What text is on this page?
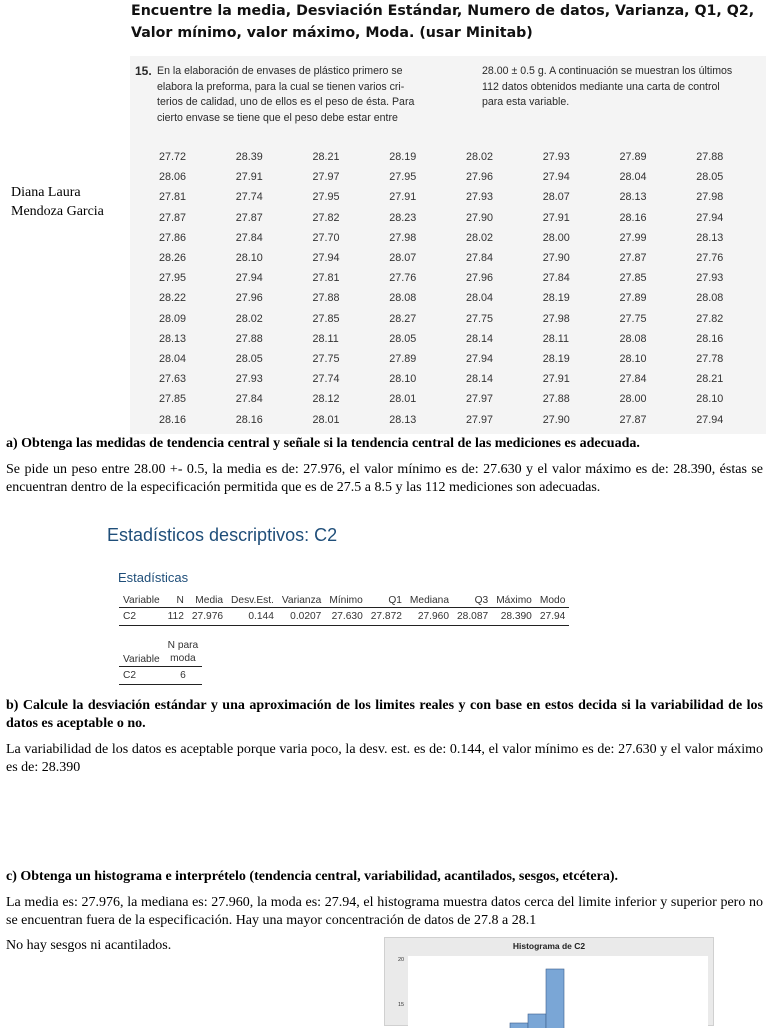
Encuentre la media, Desviación Estándar, Numero de datos, Varianza, Q1, Q2, Valor mínimo, valor máximo, Moda. (usar Minitab)
Diana Laura
Mendoza Garcia
15. En la elaboración de envases de plástico primero se
elabora la preforma, para la cual se tienen varios cri-
terios de calidad, uno de ellos es el peso de ésta. Para
cierto envase se tiene que el peso debe estar entre
28.00 ± 0.5 g. A continuación se muestran los últimos
112 datos obtenidos mediante una carta de control
para esta variable.
27.72	28.39	28.21	28.19	28.02	27.93	27.89	27.88
28.06	27.91	27.97	27.95	27.96	27.94	28.04	28.05
27.81	27.74	27.95	27.91	27.93	28.07	28.13	27.98
27.87	27.87	27.82	28.23	27.90	27.91	28.16	27.94
27.86	27.84	27.70	27.98	28.02	28.00	27.99	28.13
28.26	28.10	27.94	28.07	27.84	27.90	27.87	27.76
27.95	27.94	27.81	27.76	27.96	27.84	27.85	27.93
28.22	27.96	27.88	28.08	28.04	28.19	27.89	28.08
28.09	28.02	27.85	28.27	27.75	27.98	27.75	27.82
28.13	27.88	28.11	28.05	28.14	28.11	28.08	28.16
28.04	28.05	27.75	27.89	27.94	28.19	28.10	27.78
27.63	27.93	27.74	28.10	28.14	27.91	27.84	28.21
27.85	27.84	28.12	28.01	27.97	27.88	28.00	28.10
28.16	28.16	28.01	28.13	27.97	27.90	27.87	27.94
a) Obtenga las medidas de tendencia central y señale si la tendencia central de las mediciones es adecuada.
Se pide un peso entre 28.00 +- 0.5, la media es de: 27.976, el valor mínimo es de: 27.630 y el valor máximo es de: 28.390, éstas se encuentran dentro de la especificación permitida que es de 27.5 a 8.5 y las 112 mediciones son adecuadas.
Estadísticos descriptivos: C2
Estadísticas
Variable	N	Media	Desv.Est.	Varianza	Mínimo	Q1	Mediana	Q3	Máximo	Modo
C2	112	27.976	0.144	0.0207	27.630	27.872	27.960	28.087	28.390	27.94
Variable	N para
moda

C2	6
b) Calcule la desviación estándar y una aproximación de los limites reales y con base en estos decida si la variabilidad de los datos es aceptable o no.
La variabilidad de los datos es aceptable porque varia poco, la desv. est. es de: 0.144, el valor mínimo es de: 27.630 y el valor máximo es de: 28.390
c) Obtenga un histograma e interprételo (tendencia central, variabilidad, acantilados, sesgos, etcétera).
La media es: 27.976, la mediana es: 27.960, la moda es: 27.94, el histograma muestra datos cerca del limite inferior y superior pero no se encuentran fuera de la especificación. Hay una mayor concentración de datos de 27.8 a 28.1
No hay sesgos ni acantilados.	Histograma de C2
20
15
